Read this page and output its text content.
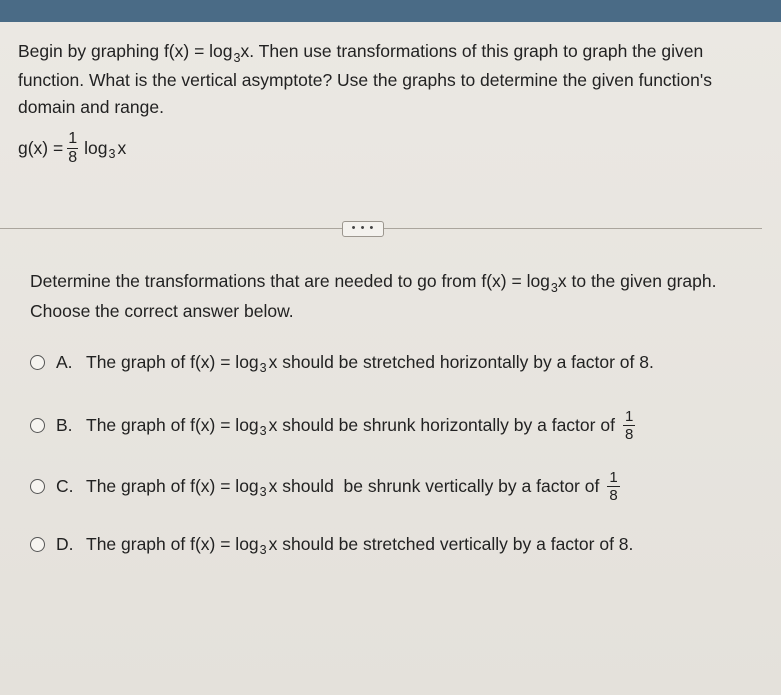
Begin by graphing $f(x) = \log_3x$. Then use transformations of this graph to graph the given function. What is the vertical asymptote? Use the graphs to determine the given function's domain and range.
$g(x) = \frac{1}{8}$ log 3 x
• • •
Determine the transformations that are needed to go from $f(x) = \log_3x$ to the given graph. Choose the correct answer below.
A. The graph of f(x) = log 3 x should be stretched horizontally by a factor of 8.
B. The graph of f(x) = log 3 x should be shrunk horizontally by a factor of $\frac{1}{8}$
C. The graph of f(x) = log 3 x should  be shrunk vertically by a factor of $\frac{1}{8}$
D. The graph of f(x) = log 3 x should be stretched vertically by a factor of 8.
